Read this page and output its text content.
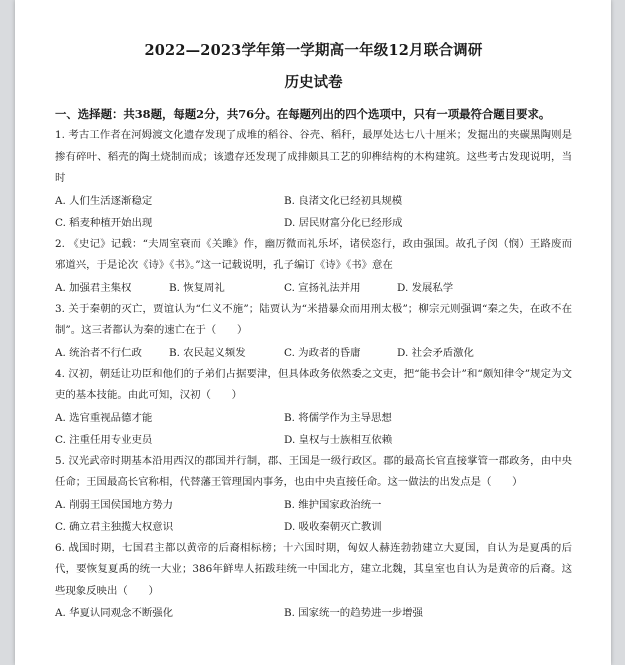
2022—2023学年第一学期高一年级12月联合调研
历史试卷
一、选择题：共38题，每题2分，共76分。在每题列出的四个选项中，只有一项最符合题目要求。

1. 考古工作者在河姆渡文化遗存发现了成堆的稻谷、谷壳、稻秆，最厚处达七八十厘米；发掘出的夹碳黑陶则是掺有碎叶、稻壳的陶土烧制而成；该遗存还发现了成排颇具工艺的卯榫结构的木构建筑。这些考古发现说明，当时

A. 人们生活逐渐稳定	B. 良渚文化已经初具规模
C. 稻麦种植开始出现	D. 居民财富分化已经形成

2. 《史记》记载：“夫周室衰而《关雎》作，幽厉微而礼乐坏，诸侯恣行，政由强国。故孔子闵（悯）王路废而邪道兴，于是论次《诗》《书》。”这一记载说明，孔子编订《诗》《书》意在

A. 加强君主集权	B. 恢复周礼	C. 宣扬礼法并用	D. 发展私学

3. 关于秦朝的灭亡，贾谊认为“仁义不施”；陆贾认为“米措暴众而用刑太极”；柳宗元则强调“秦之失，在政不在制”。这三者都认为秦的速亡在于（　　）

A. 统治者不行仁政	B. 农民起义频发	C. 为政者的昏庸	D. 社会矛盾激化

4. 汉初，朝廷让功臣和他们的子弟们占据要津，但具体政务依然委之文吏，把“能书会计”和“颇知律令”规定为文吏的基本技能。由此可知，汉初（　　）

A. 选官重视品德才能	B. 将儒学作为主导思想
C. 注重任用专业吏员	D. 皇权与士族相互依赖

5. 汉光武帝时期基本沿用西汉的郡国并行制，郡、王国是一级行政区。郡的最高长官直接掌管一郡政务，由中央任命；王国最高长官称相，代替藩王管理国内事务，也由中央直接任命。这一做法的出发点是（　　）

A. 削弱王国侯国地方势力	B. 维护国家政治统一
C. 确立君主独揽大权意识	D. 吸收秦朝灭亡教训

6. 战国时期，七国君主都以黄帝的后裔相标榜；十六国时期，匈奴人赫连勃勃建立大夏国，自认为是夏禹的后代，要恢复夏禹的统一大业；386年鲜卑人拓跋珪统一中国北方，建立北魏，其皇室也自认为是黄帝的后裔。这些现象反映出（　　）

A. 华夏认同观念不断强化	B. 国家统一的趋势进一步增强
